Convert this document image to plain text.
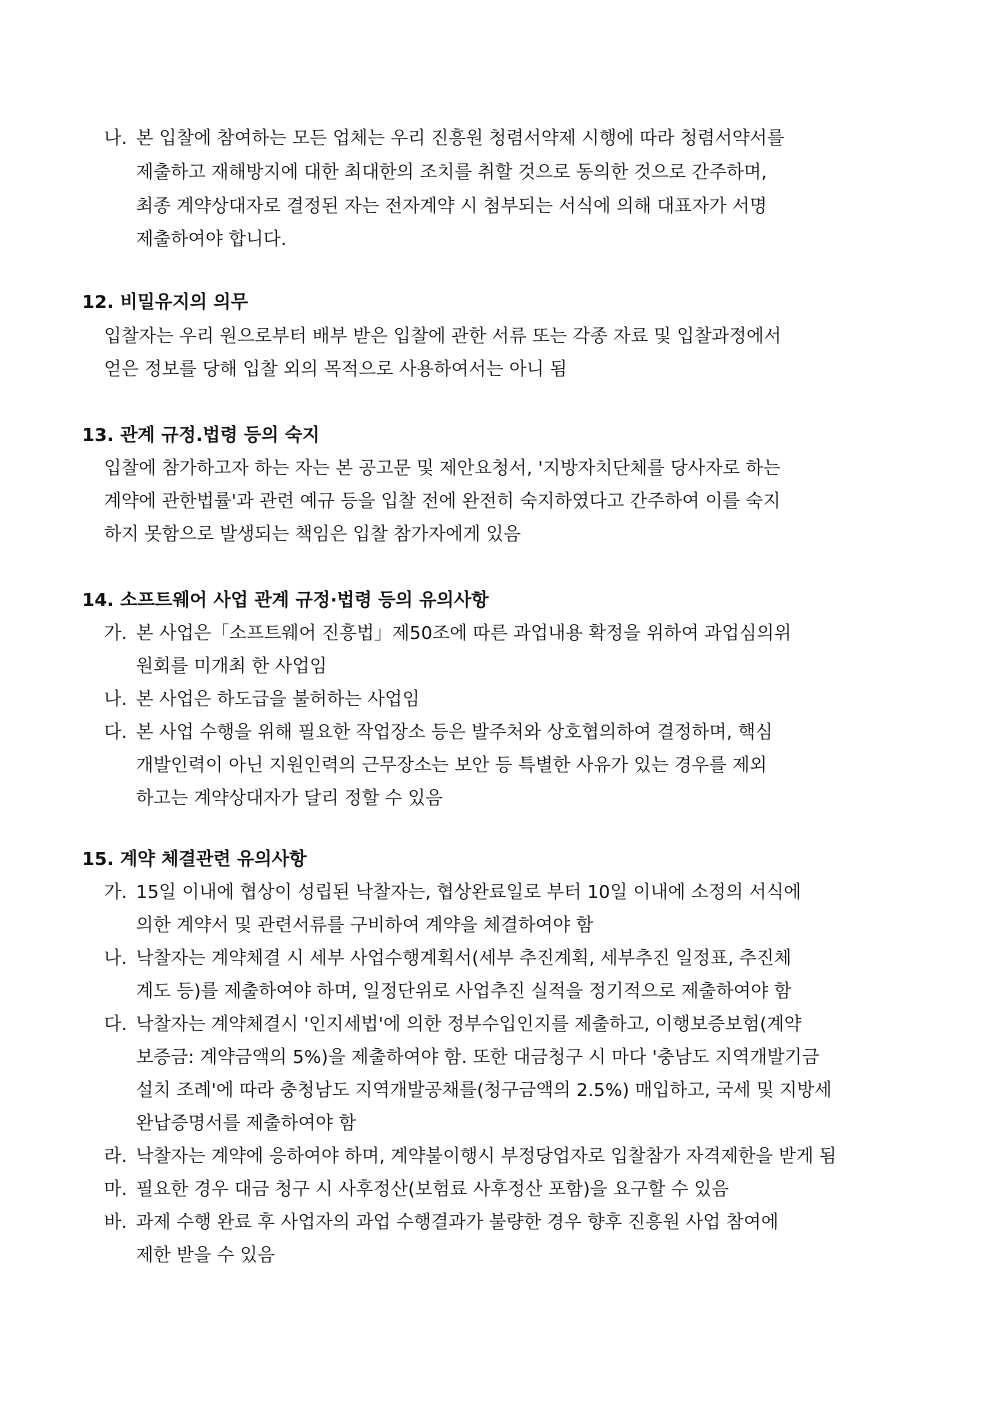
나. 본 입찰에 참여하는 모든 업체는 우리 진흥원 청렴서약제 시행에 따라 청렴서약서를
제출하고 재해방지에 대한 최대한의 조치를 취할 것으로 동의한 것으로 간주하며,
최종 계약상대자로 결정된 자는 전자계약 시 첨부되는 서식에 의해 대표자가 서명
제출하여야 합니다.
12. 비밀유지의 의무
입찰자는 우리 원으로부터 배부 받은 입찰에 관한 서류 또는 각종 자료 및 입찰과정에서
얻은 정보를 당해 입찰 외의 목적으로 사용하여서는 아니 됨
13. 관계 규정.법령 등의 숙지
입찰에 참가하고자 하는 자는 본 공고문 및 제안요청서, '지방자치단체를 당사자로 하는
계약에 관한법률'과 관련 예규 등을 입찰 전에 완전히 숙지하였다고 간주하여 이를 숙지
하지 못함으로 발생되는 책임은 입찰 참가자에게 있음
14. 소프트웨어 사업 관계 규정·법령 등의 유의사항
가. 본 사업은「소프트웨어 진흥법」제50조에 따른 과업내용 확정을 위하여 과업심의위
원회를 미개최 한 사업임
나. 본 사업은 하도급을 불허하는 사업임
다. 본 사업 수행을 위해 필요한 작업장소 등은 발주처와 상호협의하여 결정하며, 핵심
개발인력이 아닌 지원인력의 근무장소는 보안 등 특별한 사유가 있는 경우를 제외
하고는 계약상대자가 달리 정할 수 있음
15. 계약 체결관련 유의사항
가. 15일 이내에 협상이 성립된 낙찰자는, 협상완료일로 부터 10일 이내에 소정의 서식에
의한 계약서 및 관련서류를 구비하여 계약을 체결하여야 함
나. 낙찰자는 계약체결 시 세부 사업수행계획서(세부 추진계획, 세부추진 일정표, 추진체
계도 등)를 제출하여야 하며, 일정단위로 사업추진 실적을 정기적으로 제출하여야 함
다. 낙찰자는 계약체결시 '인지세법'에 의한 정부수입인지를 제출하고, 이행보증보험(계약
보증금: 계약금액의 5%)을 제출하여야 함. 또한 대금청구 시 마다 '충남도 지역개발기금
설치 조례'에 따라 충청남도 지역개발공채를(청구금액의 2.5%) 매입하고, 국세 및 지방세
완납증명서를 제출하여야 함
라. 낙찰자는 계약에 응하여야 하며, 계약불이행시 부정당업자로 입찰참가 자격제한을 받게 됨
마. 필요한 경우 대금 청구 시 사후정산(보험료 사후정산 포함)을 요구할 수 있음
바. 과제 수행 완료 후 사업자의 과업 수행결과가 불량한 경우 향후 진흥원 사업 참여에
제한 받을 수 있음
